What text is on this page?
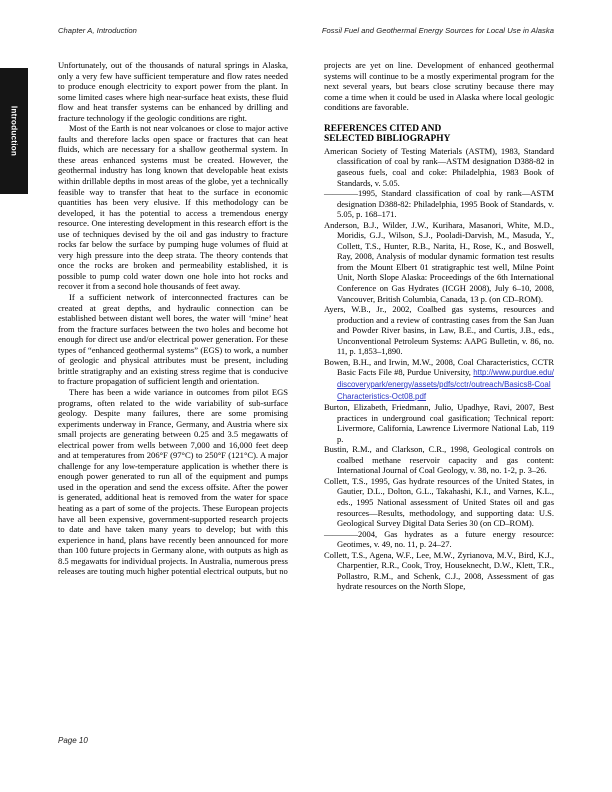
Introduction
Chapter A, Introduction	Fossil Fuel and Geothermal Energy Sources for Local Use in Alaska

Unfortunately, out of the thousands of natural springs in Alaska, only a very few have sufficient temperature and flow rates needed to produce enough electricity to export power from the plant. In some limited cases where high near-surface heat exists, these fluid flow and heat transfer systems can be enhanced by drilling and fracture technology if the geologic conditions are right.

Most of the Earth is not near volcanoes or close to major active faults and therefore lacks open space or fractures that can heat fluids, which are necessary for a shallow geothermal system. In these areas enhanced systems must be created. However, the geothermal industry has long known that developable heat exists within drillable depths in most areas of the globe, yet a technically feasible way to transfer that heat to the surface in economic quantities has been very elusive. If this methodology can be developed, it has the potential to access a tremendous energy resource. One interesting development in this research effort is the use of techniques devised by the oil and gas industry to fracture rocks far below the surface by pumping huge volumes of fluid at very high pressure into the deep strata. The theory contends that once the rocks are broken and permeability established, it is possible to pump cold water down one hole into hot rocks and recover it from a second hole thousands of feet away.

If a sufficient network of interconnected fractures can be created at great depths, and hydraulic connection can be established between distant well bores, the water will ‘mine’ heat from the fracture surfaces between the two holes and become hot enough for direct use and/or electrical power generation. For these types of “enhanced geothermal systems” (EGS) to work, a number of geologic and physical attributes must be present, including brittle stratigraphy and an existing stress regime that is conducive to fracture propagation of sufficient length and orientation.

There has been a wide variance in outcomes from pilot EGS programs, often related to the wide variability of sub-surface geology. Despite many failures, there are some promising experiments underway in France, Germany, and Austria where six small projects are generating between 0.25 and 3.5 megawatts of electrical power from wells between 7,000 and 16,000 feet deep and at temperatures from 206°F (97°C) to 250°F (121°C). A major challenge for any low-temperature application is whether there is enough power generated to run all of the equipment and pumps used in the operation and send the excess offsite. After the power is generated, additional heat is removed from the water for space heating as a part of some of the projects. These European projects have all been expensive, government-supported research projects to date and have taken many years to develop; but with this experience in hand, plans have recently been announced for more than 100 future projects in Germany alone, with outputs as high as 8.5 megawatts for individual projects. In Australia, numerous press releases are touting much higher potential electrical outputs, but no

projects are yet on line. Development of enhanced geothermal systems will continue to be a mostly experimental program for the next several years, but bears close scrutiny because there may come a time when it could be used in Alaska where local geologic conditions are favorable.

REFERENCES CITED AND
SELECTED BIBLIOGRAPHY
American Society of Testing Materials (ASTM), 1983, Standard classification of coal by rank—ASTM designation D388-82 in gaseous fuels, coal and coke: Philadelphia, 1983 Book of Standards, v. 5.05.
————1995, Standard classification of coal by rank—ASTM designation D388-82: Philadelphia, 1995 Book of Standards, v. 5.05, p. 168–171.
Anderson, B.J., Wilder, J.W., Kurihara, Masanori, White, M.D., Moridis, G.J., Wilson, S.J., Pooladi-Darvish, M., Masuda, Y., Collett, T.S., Hunter, R.B., Narita, H., Rose, K., and Boswell, Ray, 2008, Analysis of modular dynamic formation test results from the Mount Elbert 01 stratigraphic test well, Milne Point Unit, North Slope Alaska: Proceedings of the 6th International Conference on Gas Hydrates (ICGH 2008), July 6–10, 2008, Vancouver, British Columbia, Canada, 13 p. (on CD–ROM).
Ayers, W.B., Jr., 2002, Coalbed gas systems, resources and production and a review of contrasting cases from the San Juan and Powder River basins, in Law, B.E., and Curtis, J.B., eds., Unconventional Petroleum Systems: AAPG Bulletin, v. 86, no. 11, p. 1,853–1,890.
Bowen, B.H., and Irwin, M.W., 2008, Coal Characteristics, CCTR Basic Facts File #8, Purdue University, http://www.purdue.edu/discoverypark/energy/assets/pdfs/cctr/outreach/Basics8-CoalCharacteristics-Oct08.pdf
Burton, Elizabeth, Friedmann, Julio, Upadhye, Ravi, 2007, Best practices in underground coal gasification; Technical report: Livermore, California, Lawrence Livermore National Lab, 119 p.
Bustin, R.M., and Clarkson, C.R., 1998, Geological controls on coalbed methane reservoir capacity and gas content: International Journal of Coal Geology, v. 38, no. 1-2, p. 3–26.
Collett, T.S., 1995, Gas hydrate resources of the United States, in Gautier, D.L., Dolton, G.L., Takahashi, K.I., and Varnes, K.L., eds., 1995 National assessment of United States oil and gas resources—Results, methodology, and supporting data: U.S. Geological Survey Digital Data Series 30 (on CD–ROM).
————2004, Gas hydrates as a future energy resource: Geotimes, v. 49, no. 11, p. 24–27.
Collett, T.S., Agena, W.F., Lee, M.W., Zyrianova, M.V., Bird, K.J., Charpentier, R.R., Cook, Troy, Houseknecht, D.W., Klett, T.R., Pollastro, R.M., and Schenk, C.J., 2008, Assessment of gas hydrate resources on the North Slope,
Page 10
